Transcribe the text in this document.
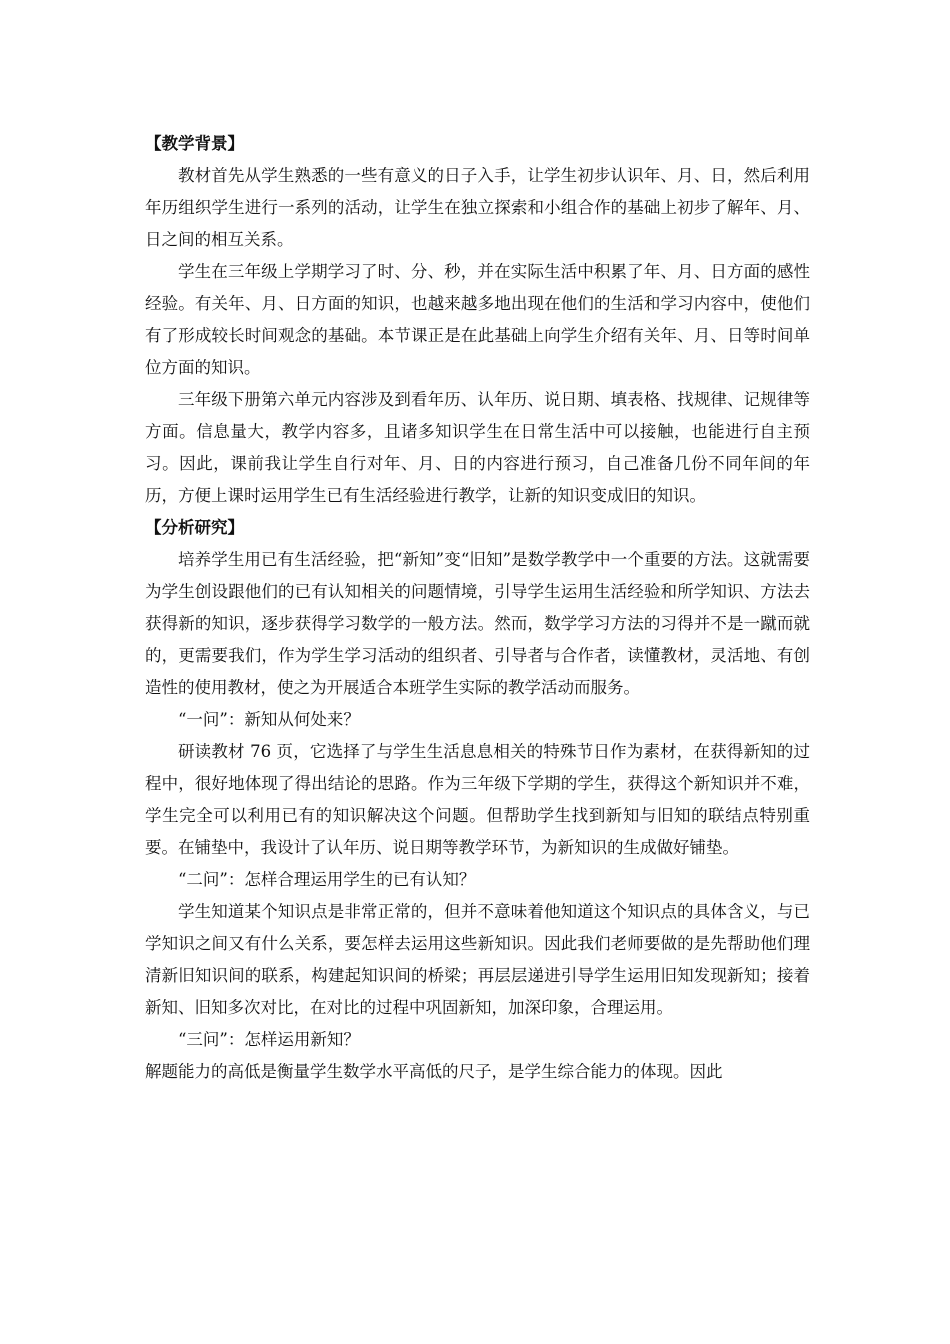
【教学背景】

教材首先从学生熟悉的一些有意义的日子入手，让学生初步认识年、月、日，然后利用年历组织学生进行一系列的活动，让学生在独立探索和小组合作的基础上初步了解年、月、日之间的相互关系。

学生在三年级上学期学习了时、分、秒，并在实际生活中积累了年、月、日方面的感性经验。有关年、月、日方面的知识，也越来越多地出现在他们的生活和学习内容中，使他们有了形成较长时间观念的基础。本节课正是在此基础上向学生介绍有关年、月、日等时间单位方面的知识。

三年级下册第六单元内容涉及到看年历、认年历、说日期、填表格、找规律、记规律等方面。信息量大，教学内容多，且诸多知识学生在日常生活中可以接触，也能进行自主预习。因此，课前我让学生自行对年、月、日的内容进行预习，自己准备几份不同年间的年历，方便上课时运用学生已有生活经验进行教学，让新的知识变成旧的知识。

【分析研究】

培养学生用已有生活经验，把“新知”变“旧知”是数学教学中一个重要的方法。这就需要为学生创设跟他们的已有认知相关的问题情境，引导学生运用生活经验和所学知识、方法去获得新的知识，逐步获得学习数学的一般方法。然而，数学学习方法的习得并不是一蹴而就的，更需要我们，作为学生学习活动的组织者、引导者与合作者，读懂教材，灵活地、有创造性的使用教材，使之为开展适合本班学生实际的教学活动而服务。

“一问”：新知从何处来？

研读教材 76 页，它选择了与学生生活息息相关的特殊节日作为素材，在获得新知的过程中，很好地体现了得出结论的思路。作为三年级下学期的学生，获得这个新知识并不难，学生完全可以利用已有的知识解决这个问题。但帮助学生找到新知与旧知的联结点特别重要。在铺垫中，我设计了认年历、说日期等教学环节，为新知识的生成做好铺垫。

“二问”：怎样合理运用学生的已有认知？

学生知道某个知识点是非常正常的，但并不意味着他知道这个知识点的具体含义，与已学知识之间又有什么关系，要怎样去运用这些新知识。因此我们老师要做的是先帮助他们理清新旧知识间的联系，构建起知识间的桥梁；再层层递进引导学生运用旧知发现新知；接着新知、旧知多次对比，在对比的过程中巩固新知，加深印象，合理运用。

“三问”：怎样运用新知？

解题能力的高低是衡量学生数学水平高低的尺子，是学生综合能力的体现。因此
